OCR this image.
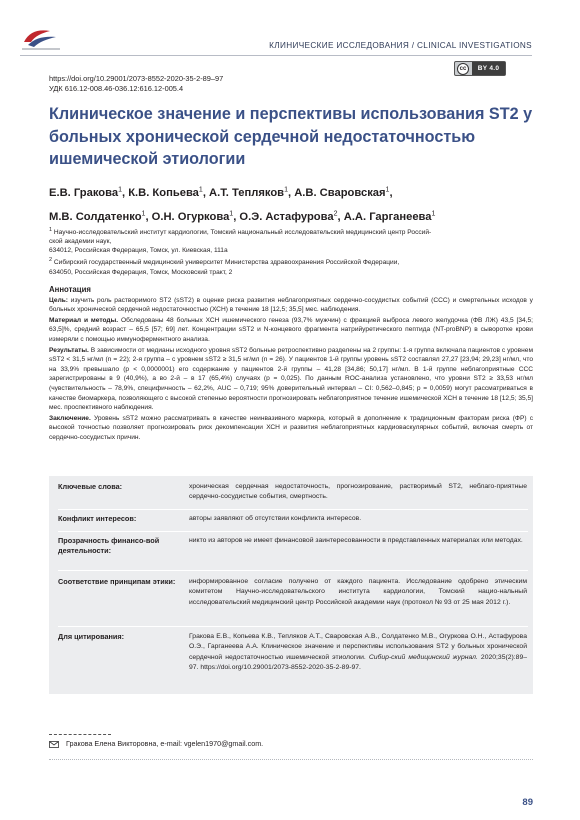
КЛИНИЧЕСКИЕ ИССЛЕДОВАНИЯ / CLINICAL INVESTIGATIONS
cc	BY 4.0
https://doi.org/10.29001/2073-8552-2020-35-2-89–97
УДК 616.12-008.46-036.12:616.12-005.4
Клиническое значение и перспективы использования ST2 у больных хронической сердечной недостаточностью ишемической этиологии
Е.В. Гракова$^1$, К.В. Копьева$^1$, А.Т. Тепляков$^1$, А.В. Сваровская$^1$,
М.В. Солдатенко$^1$, О.Н. Огуркова$^1$, О.Э. Астафурова$^2$, А.А. Гарганеева$^1$

$^1$ Научно-исследовательский институт кардиологии, Томский национальный исследовательский медицинский центр Россий-
ской академии наук,
634012, Российская Федерация, Томск, ул. Киевская, 111а

$^2$ Сибирский государственный медицинский университет Министерства здравоохранения Российской Федерации,
634050, Российская Федерация, Томск, Московский тракт, 2

Аннотация

Цель: изучить роль растворимого ST2 (sST2) в оценке риска развития неблагоприятных сердечно-сосудистых событий (ССС) и смертельных исходов у больных хронической сердечной недостаточностью (ХСН) в течение 18 [12,5; 35,5] мес. наблюдения.

Материал и методы. Обследованы 48 больных ХСН ишемического генеза (93,7% мужчин) с фракцией выброса левого желудочка (ФВ ЛЖ) 43,5 [34,5; 63,5]%, средний возраст – 65,5 [57; 69] лет. Концентрации sST2 и N-концевого фрагмента натрийуретического пептида (NT-proBNP) в сыворотке крови измеряли с помощью иммуноферментного анализа.

Результаты. В зависимости от медианы исходного уровня sST2 больные ретроспективно разделены на 2 группы: 1-я группа включала пациентов с уровнем sST2 < 31,5 нг/мл (n = 22); 2-я группа – с уровнем sST2 ≥ 31,5 нг/мл (n = 26). У пациентов 1-й группы уровень sST2 составлял 27,27 [23,94; 29,23] нг/мл, что на 33,9% превышало (p < 0,0000001) его содержание у пациентов 2-й группы – 41,28 [34,86; 50,17] нг/мл. В 1-й группе неблагоприятные ССС зарегистрированы в 9 (40,9%), а во 2-й – в 17 (65,4%) случаях (p = 0,025). По данным ROC-анализа установлено, что уровни ST2 ≥ 33,53 нг/мл (чувствительность – 78,9%, специфичность – 62,2%, AUC – 0,719; 95% доверительный интервал – CI: 0,562–0,845; p = 0,0059) могут рассматриваться в качестве биомаркера, позволяющего с высокой степенью вероятности прогнозировать неблагоприятное течение ишемической ХСН в течение 18 [12,5; 35,5] мес. проспективного наблюдения.

Заключение. Уровень sST2 можно рассматривать в качестве неинвазивного маркера, который в дополнение к традиционным факторам риска (ФР) с высокой точностью позволяет прогнозировать риск декомпенсации ХСН и развития неблагоприятных кардиоваскулярных событий, включая смерть от сердечно-сосудистых причин.

Ключевые слова:	хроническая сердечная недостаточность, прогнозирование, растворимый ST2, неблаго-приятные сердечно-сосудистые события, смертность.
Конфликт интересов:	авторы заявляют об отсутствии конфликта интересов.
Прозрачность финансо-вой деятельности:
никто из авторов не имеет финансовой заинтересованности в представленных материалах или методах.
Соответствие принципам этики:	информированное согласие получено от каждого пациента. Исследование одобрено этическим комитетом Научно-исследовательского института кардиологии, Томский нацио-нальный исследовательский медицинский центр Российской академии наук (протокол № 93 от 25 мая 2012 г.).
Для цитирования:	Гракова Е.В., Копьева К.В., Тепляков А.Т., Сваровская А.В., Солдатенко М.В., Огуркова О.Н., Астафурова О.Э., Гарганеева А.А. Клиническое значение и перспективы использования ST2 у больных хронической сердечной недостаточностью ишемической этиологии. Сибир-ский медицинский журнал. 2020;35(2):89–97. https://doi.org/10.29001/2073-8552-2020-35-2-89-97.
Гракова Елена Викторовна, e-mail: vgelen1970@gmail.com.
89
